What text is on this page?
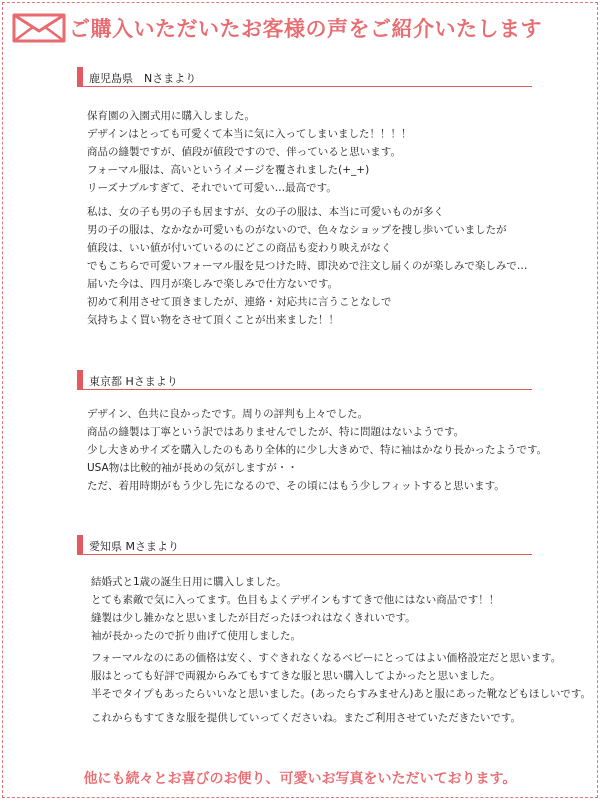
ご購入いただいたお客様の声をご紹介いたします
鹿児島県　Nさまより
保育園の入園式用に購入しました。
デザインはとっても可愛くて本当に気に入ってしまいました！！！！
商品の縫製ですが、値段が値段ですので、伴っていると思います。
フォーマル服は、高いというイメージを覆されました(+_+)
リーズナブルすぎて、それでいて可愛い…最高です。
私は、女の子も男の子も居ますが、女の子の服は、本当に可愛いものが多く
男の子の服は、なかなか可愛いものがないので、色々なショップを捜し歩いていましたが
値段は、いい値が付いているのにどこの商品も変わり映えがなく
でもこちらで可愛いフォーマル服を見つけた時、即決めで注文し届くのが楽しみで楽しみで…
届いた今は、四月が楽しみで楽しみで仕方ないです。
初めて利用させて頂きましたが、連絡・対応共に言うことなしで
気持ちよく買い物をさせて頂くことが出来ました！！
東京都 Hさまより
デザイン、色共に良かったです。周りの評判も上々でした。
商品の縫製は丁寧という訳ではありませんでしたが、特に問題はないようです。
少し大きめサイズを購入したのもあり全体的に少し大きめで、特に袖はかなり長かったようです。
USA物は比較的袖が長めの気がしますが・・
ただ、着用時期がもう少し先になるので、その頃にはもう少しフィットすると思います。
愛知県 Mさまより
結婚式と1歳の誕生日用に購入しました。
とても素敵で気に入ってます。色目もよくデザインもすてきで他にはない商品です！！
縫製は少し雑かなと思いましたが目だったほつれはなくきれいです。
袖が長かったので折り曲げて使用しました。
フォーマルなのにあの価格は安く、すぐきれなくなるベビーにとってはよい価格設定だと思います。
服はとっても好評で両親からみてもすてきな服と思い購入してよかったと思いました。
半そでタイプもあったらいいなと思いました。(あったらすみません)あと服にあった靴などもほしいです。
これからもすてきな服を提供していってくださいね。またご利用させていただきたいです。
他にも続々とお喜びのお便り、可愛いお写真をいただいております。
